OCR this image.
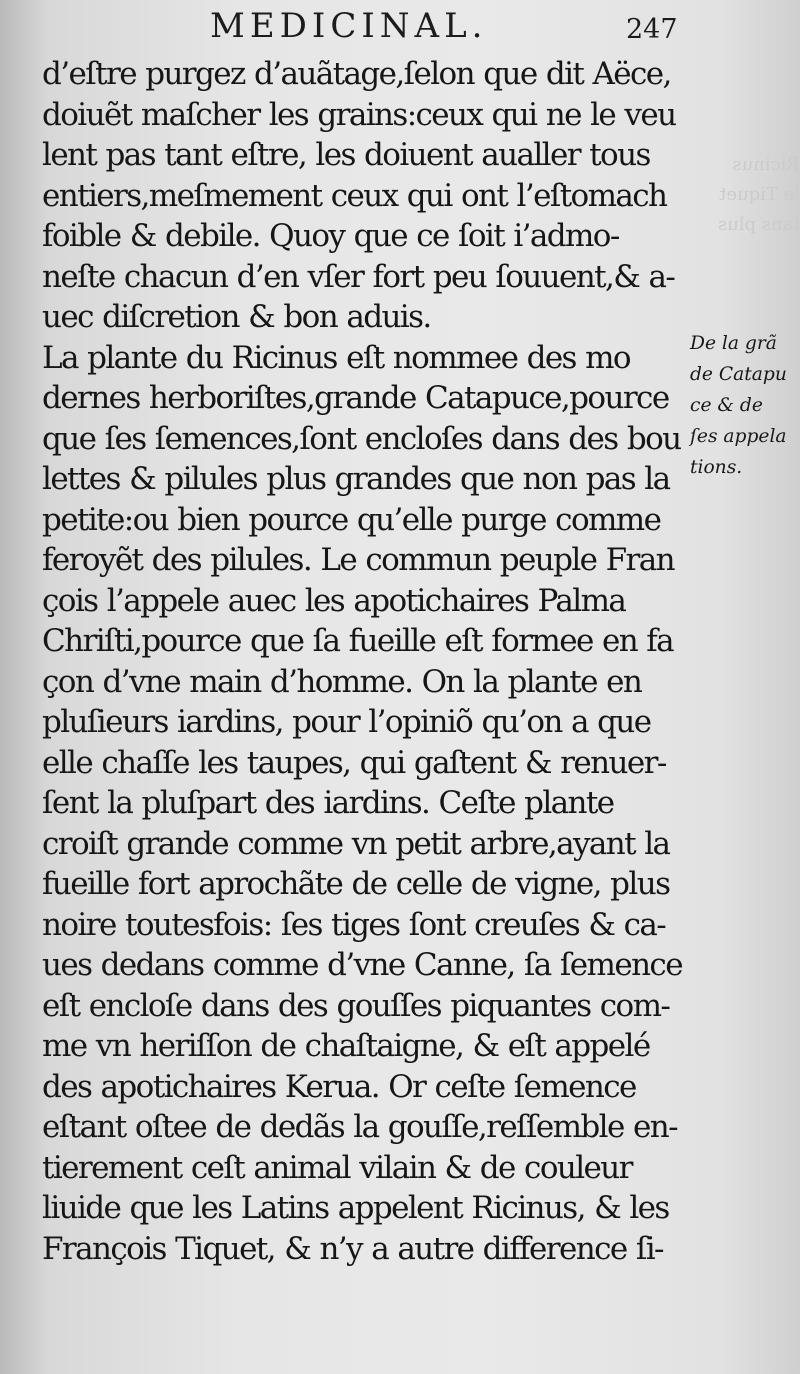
Ricinus
le Tiquet
ſans plus
MEDICINAL.	247
d’eſtre purgez d’auãtage,ſelon que dit Aëce,
doiuẽt maſcher les grains:ceux qui ne le veu
lent pas tant eſtre, les doiuent aualler tous
entiers,meſmement ceux qui ont l’eſtomach
foible & debile. Quoy que ce ſoit i’admo-
neſte chacun d’en vſer fort peu ſouuent,& a-
uec diſcretion & bon aduis.
La plante du Ricinus eſt nommee des mo
dernes herboriſtes,grande Catapuce,pource
que ſes ſemences,ſont encloſes dans des bou
lettes & pilules plus grandes que non pas la
petite:ou bien pource qu’elle purge comme
feroyẽt des pilules. Le commun peuple Fran
çois l’appele auec les apotichaires Palma
Chriſti,pource que ſa fueille eſt formee en fa
çon d’vne main d’homme. On la plante en
pluſieurs iardins, pour l’opiniõ qu’on a que
elle chaſſe les taupes, qui gaſtent & renuer-
ſent la pluſpart des iardins. Ceſte plante
croiſt grande comme vn petit arbre,ayant la
fueille fort aprochãte de celle de vigne, plus
noire toutesfois: ſes tiges ſont creuſes & ca-
ues dedans comme d’vne Canne, ſa ſemence
eſt encloſe dans des gouſſes piquantes com-
me vn heriſſon de chaſtaigne, & eſt appelé
des apotichaires Kerua. Or ceſte ſemence
eſtant oſtee de dedãs la gouſſe,reſſemble en-
tierement ceſt animal vilain & de couleur
liuide que les Latins appelent Ricinus, & les
François Tiquet, & n’y a autre difference ſi-
De la grã
de Catapu
ce & de
ſes appela
tions.
